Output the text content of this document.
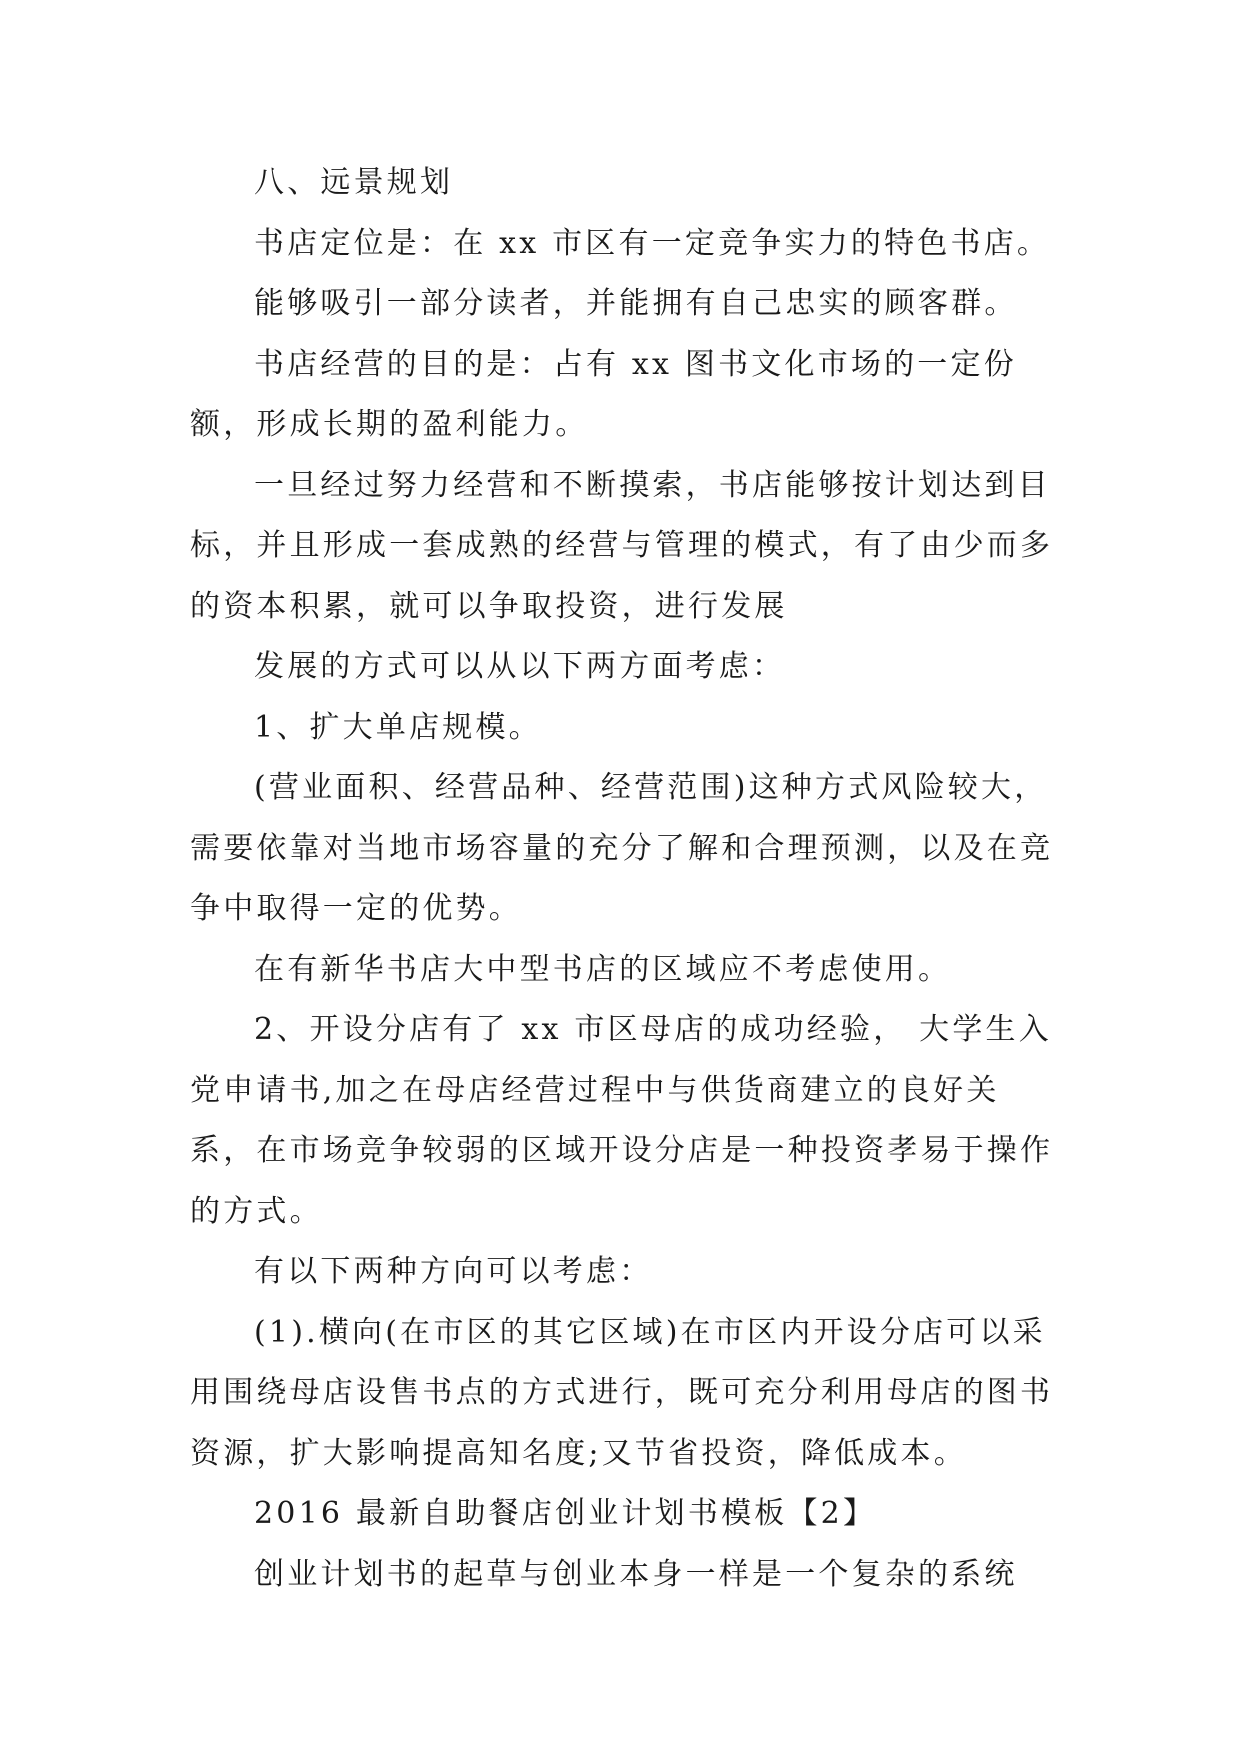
八、远景规划

书店定位是：在 xx 市区有一定竞争实力的特色书店。

能够吸引一部分读者，并能拥有自己忠实的顾客群。

书店经营的目的是：占有 xx 图书文化市场的一定份额，形成长期的盈利能力。

一旦经过努力经营和不断摸索，书店能够按计划达到目标，并且形成一套成熟的经营与管理的模式，有了由少而多的资本积累，就可以争取投资，进行发展

发展的方式可以从以下两方面考虑：

1、扩大单店规模。

(营业面积、经营品种、经营范围)这种方式风险较大，需要依靠对当地市场容量的充分了解和合理预测，以及在竞争中取得一定的优势。

在有新华书店大中型书店的区域应不考虑使用。

2、开设分店有了 xx 市区母店的成功经验， 大学生入党申请书,加之在母店经营过程中与供货商建立的良好关系，在市场竞争较弱的区域开设分店是一种投资孝易于操作的方式。

有以下两种方向可以考虑：

(1).横向(在市区的其它区域)在市区内开设分店可以采用围绕母店设售书点的方式进行，既可充分利用母店的图书资源，扩大影响提高知名度;又节省投资，降低成本。

2016 最新自助餐店创业计划书模板【2】

创业计划书的起草与创业本身一样是一个复杂的系统
